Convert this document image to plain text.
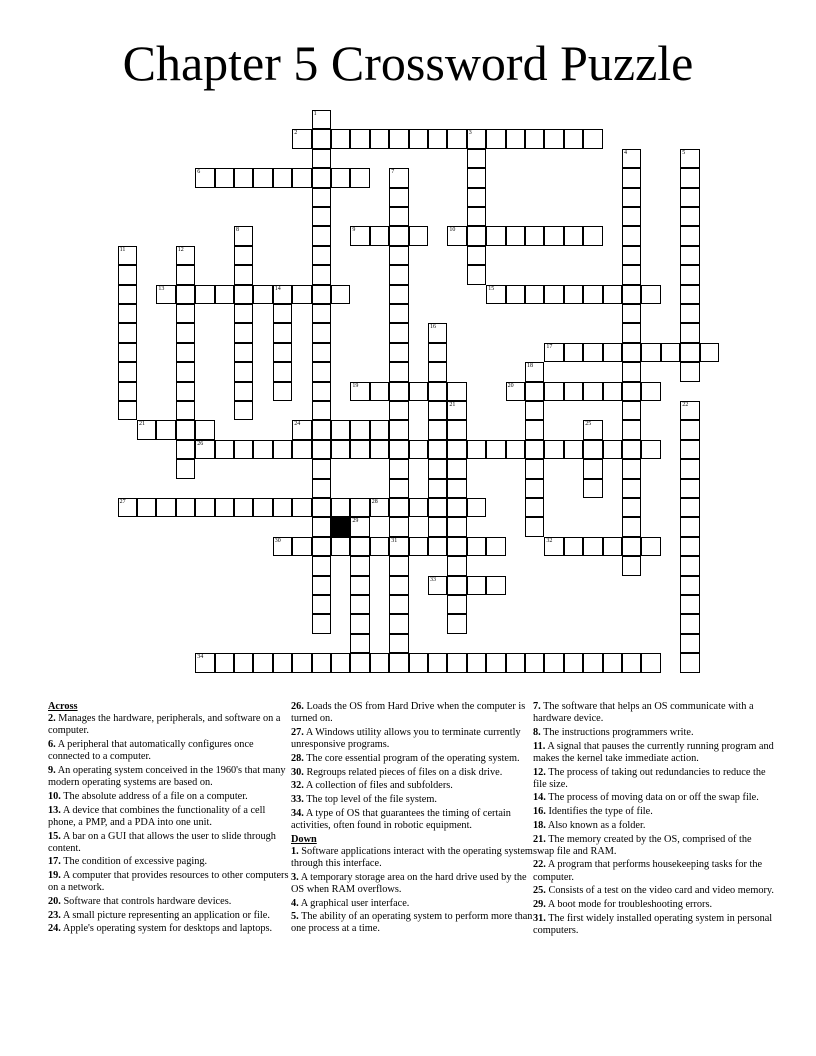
Chapter 5 Crossword Puzzle
1
2	3
4	5
6	7
31
8	9	10
11	12
13	14	15
16
17
18
19	20
21	22
21	24	25
26
27	28
29
30	32
33
34
Across
2. Manages the hardware, peripherals, and software on a computer.
6. A peripheral that automatically configures once connected to a computer.
9. An operating system conceived in the 1960's that many modern operating systems are based on.
10. The absolute address of a file on a computer.
13. A device that combines the functionality of a cell phone, a PMP, and a PDA into one unit.
15. A bar on a GUI that allows the user to slide through content.
17. The condition of excessive paging.
19. A computer that provides resources to other computers on a network.
20. Software that controls hardware devices.
23. A small picture representing an application or file.
24. Apple's operating system for desktops and laptops.
26. Loads the OS from Hard Drive when the computer is turned on.
27. A Windows utility allows you to terminate currently unresponsive programs.
28. The core essential program of the operating system.
30. Regroups related pieces of files on a disk drive.
32. A collection of files and subfolders.
33. The top level of the file system.
34. A type of OS that guarantees the timing of certain activities, often found in robotic equipment.
Down
1. Software applications interact with the operating system through this interface.
3. A temporary storage area on the hard drive used by the OS when RAM overflows.
4. A graphical user interface.
5. The ability of an operating system to perform more than one process at a time.
7. The software that helps an OS communicate with a hardware device.
8. The instructions programmers write.
11. A signal that pauses the currently running program and makes the kernel take immediate action.
12. The process of taking out redundancies to reduce the file size.
14. The process of moving data on or off the swap file.
16. Identifies the type of file.
18. Also known as a folder.
21. The memory created by the OS, comprised of the swap file and RAM.
22. A program that performs housekeeping tasks for the computer.
25. Consists of a test on the video card and video memory.
29. A boot mode for troubleshooting errors.
31. The first widely installed operating system in personal computers.
